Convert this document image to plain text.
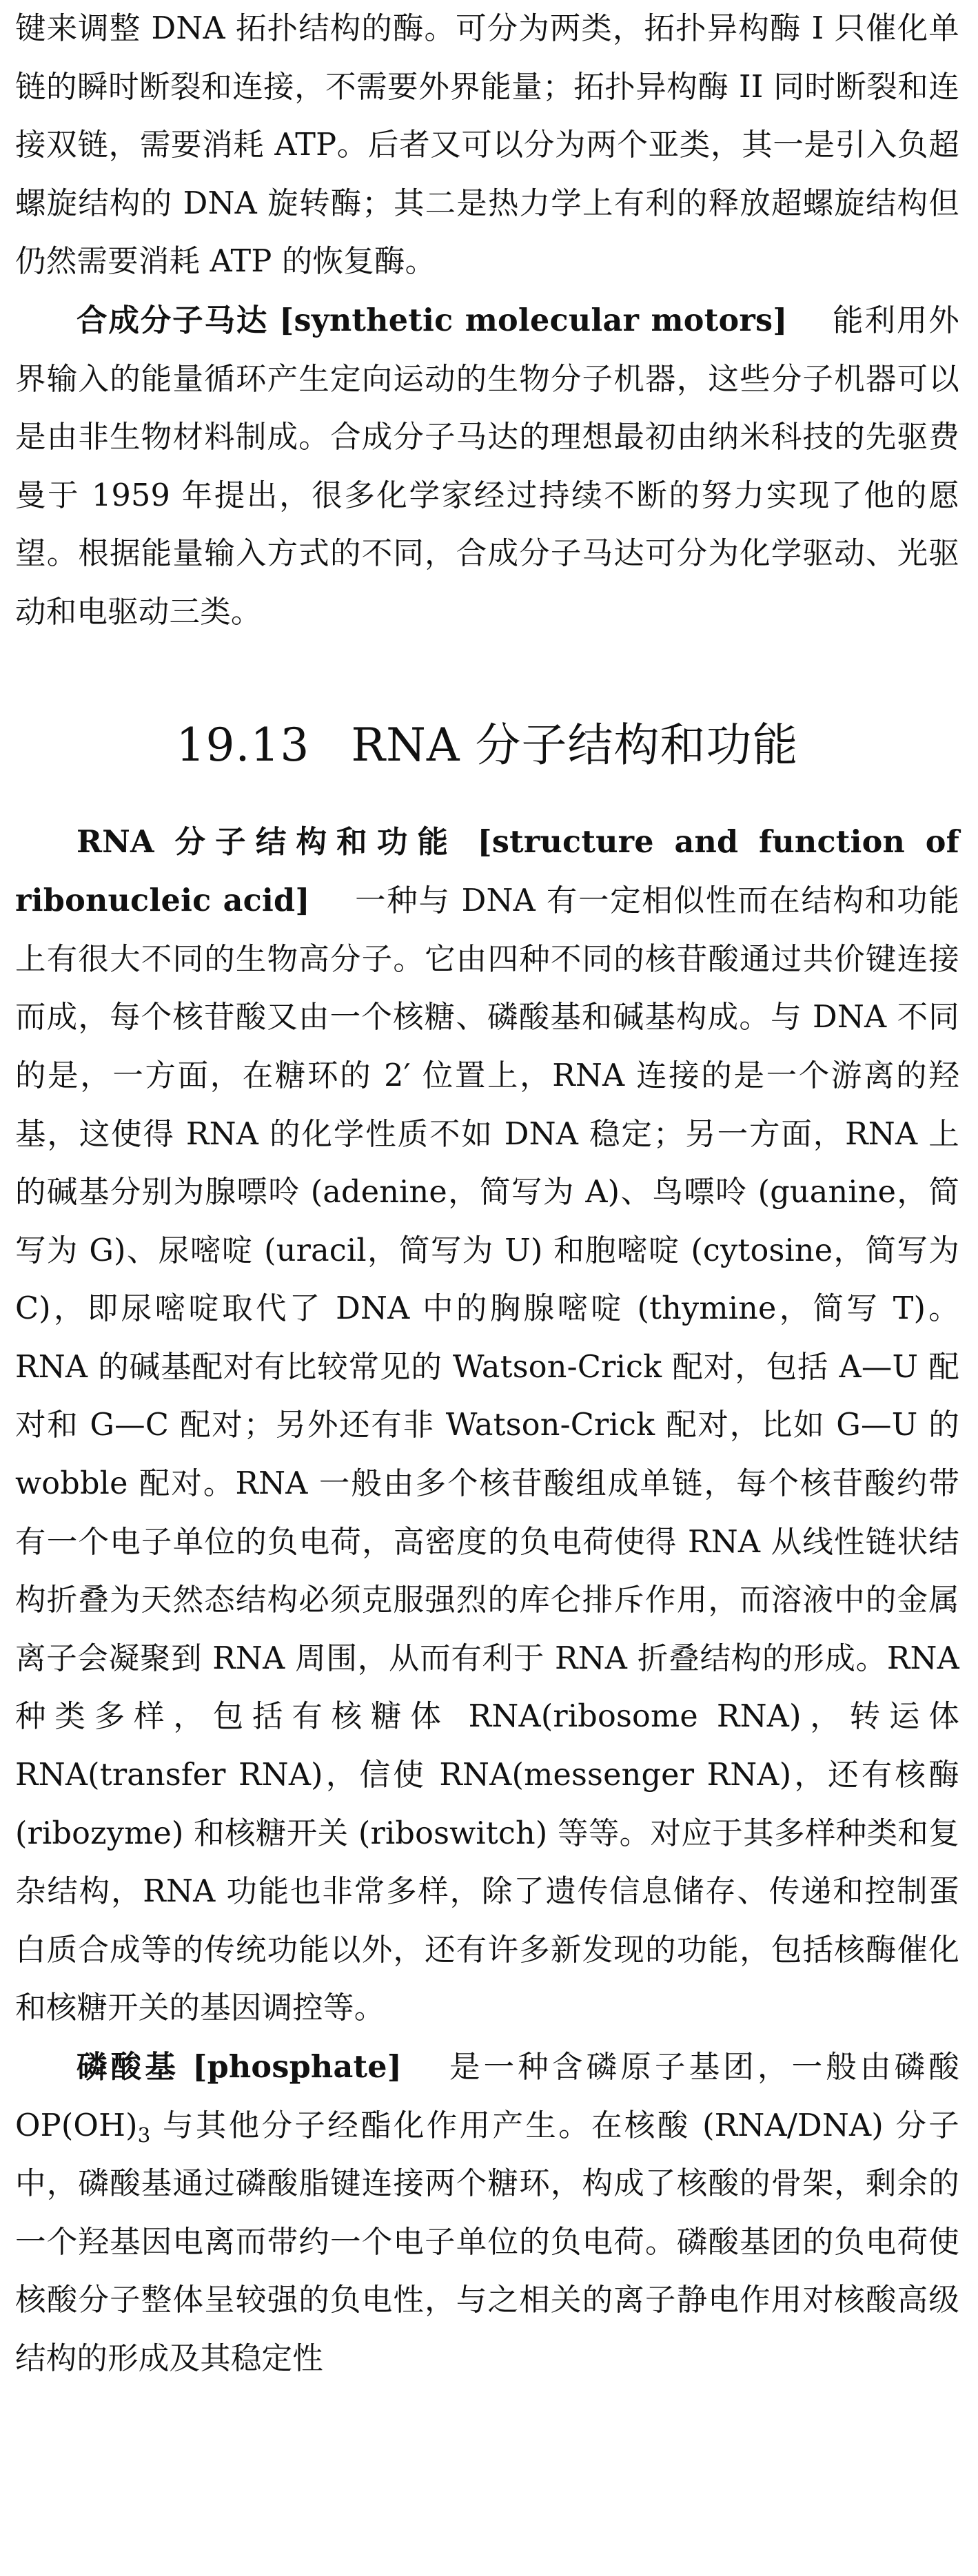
键来调整 DNA 拓扑结构的酶。可分为两类，拓扑异构酶 I 只催化单链的瞬时断裂和连接，不需要外界能量；拓扑异构酶 II 同时断裂和连接双链，需要消耗 ATP。后者又可以分为两个亚类，其一是引入负超螺旋结构的 DNA 旋转酶；其二是热力学上有利的释放超螺旋结构但仍然需要消耗 ATP 的恢复酶。

合成分子马达 [synthetic molecular motors] 能利用外界输入的能量循环产生定向运动的生物分子机器，这些分子机器可以是由非生物材料制成。合成分子马达的理想最初由纳米科技的先驱费曼于 1959 年提出，很多化学家经过持续不断的努力实现了他的愿望。根据能量输入方式的不同，合成分子马达可分为化学驱动、光驱动和电驱动三类。

19.13 RNA 分子结构和功能

RNA 分子结构和功能 [structure and function of ribonucleic acid] 一种与 DNA 有一定相似性而在结构和功能上有很大不同的生物高分子。它由四种不同的核苷酸通过共价键连接而成，每个核苷酸又由一个核糖、磷酸基和碱基构成。与 DNA 不同的是，一方面，在糖环的 2′ 位置上，RNA 连接的是一个游离的羟基，这使得 RNA 的化学性质不如 DNA 稳定；另一方面，RNA 上的碱基分别为腺嘌呤 (adenine，简写为 A)、鸟嘌呤 (guanine，简写为 G)、尿嘧啶 (uracil，简写为 U) 和胞嘧啶 (cytosine，简写为 C)，即尿嘧啶取代了 DNA 中的胸腺嘧啶 (thymine，简写 T)。RNA 的碱基配对有比较常见的 Watson-Crick 配对，包括 A—U 配对和 G—C 配对；另外还有非 Watson-Crick 配对，比如 G—U 的 wobble 配对。RNA 一般由多个核苷酸组成单链，每个核苷酸约带有一个电子单位的负电荷，高密度的负电荷使得 RNA 从线性链状结构折叠为天然态结构必须克服强烈的库仑排斥作用，而溶液中的金属离子会凝聚到 RNA 周围，从而有利于 RNA 折叠结构的形成。RNA 种类多样，包括有核糖体 RNA(ribosome RNA)，转运体 RNA(transfer RNA)，信使 RNA(messenger RNA)，还有核酶 (ribozyme) 和核糖开关 (riboswitch) 等等。对应于其多样种类和复杂结构，RNA 功能也非常多样，除了遗传信息储存、传递和控制蛋白质合成等的传统功能以外，还有许多新发现的功能，包括核酶催化和核糖开关的基因调控等。

磷酸基 [phosphate] 是一种含磷原子基团，一般由磷酸 $OP(OH)_3$ 与其他分子经酯化作用产生。在核酸 (RNA/DNA) 分子中，磷酸基通过磷酸脂键连接两个糖环，构成了核酸的骨架，剩余的一个羟基因电离而带约一个电子单位的负电荷。磷酸基团的负电荷使核酸分子整体呈较强的负电性，与之相关的离子静电作用对核酸高级结构的形成及其稳定性
